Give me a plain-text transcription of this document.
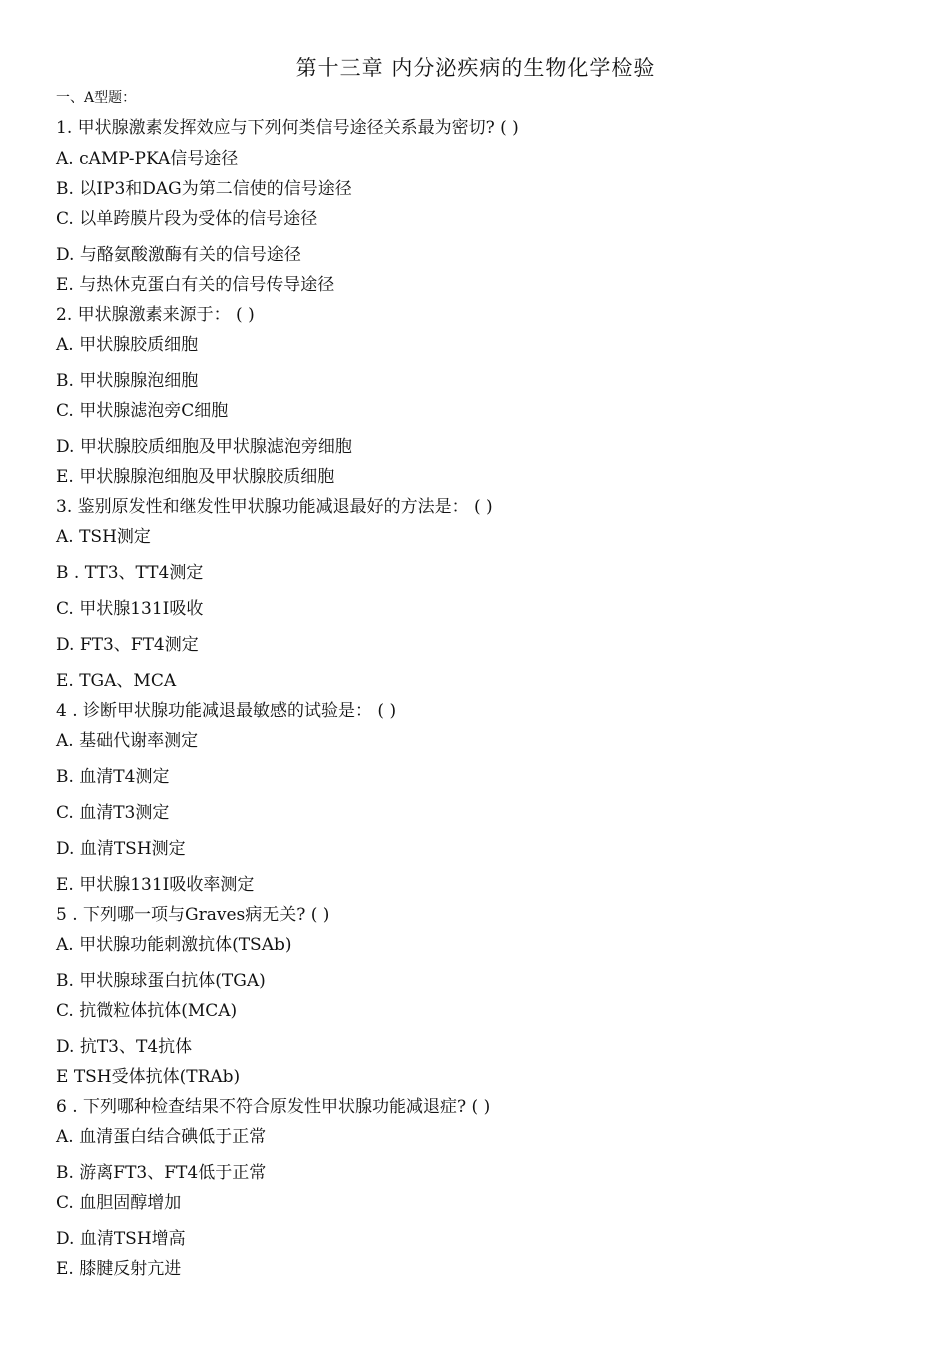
第十三章 内分泌疾病的生物化学检验
一、A型题：
1. 甲状腺激素发挥效应与下列何类信号途径关系最为密切? ( )
A. cAMP-PKA信号途径
B. 以IP3和DAG为第二信使的信号途径
C. 以单跨膜片段为受体的信号途径
D. 与酪氨酸激酶有关的信号途径
E. 与热休克蛋白有关的信号传导途径
2. 甲状腺激素来源于： ( )
A. 甲状腺胶质细胞
B. 甲状腺腺泡细胞
C. 甲状腺滤泡旁C细胞
D. 甲状腺胶质细胞及甲状腺滤泡旁细胞
E. 甲状腺腺泡细胞及甲状腺胶质细胞
3. 鉴别原发性和继发性甲状腺功能减退最好的方法是： ( )
A. TSH测定
B . TT3、TT4测定
C. 甲状腺131I吸收
D. FT3、FT4测定
E. TGA、MCA
4 . 诊断甲状腺功能减退最敏感的试验是： ( )
A. 基础代谢率测定
B. 血清T4测定
C. 血清T3测定
D. 血清TSH测定
E. 甲状腺131I吸收率测定
5 . 下列哪一项与Graves病无关? ( )
A. 甲状腺功能刺激抗体(TSAb)
B. 甲状腺球蛋白抗体(TGA)
C. 抗微粒体抗体(MCA)
D. 抗T3、T4抗体
E TSH受体抗体(TRAb)
6 . 下列哪种检查结果不符合原发性甲状腺功能减退症? ( )
A. 血清蛋白结合碘低于正常
B. 游离FT3、FT4低于正常
C. 血胆固醇增加
D. 血清TSH增高
E. 膝腱反射亢进
